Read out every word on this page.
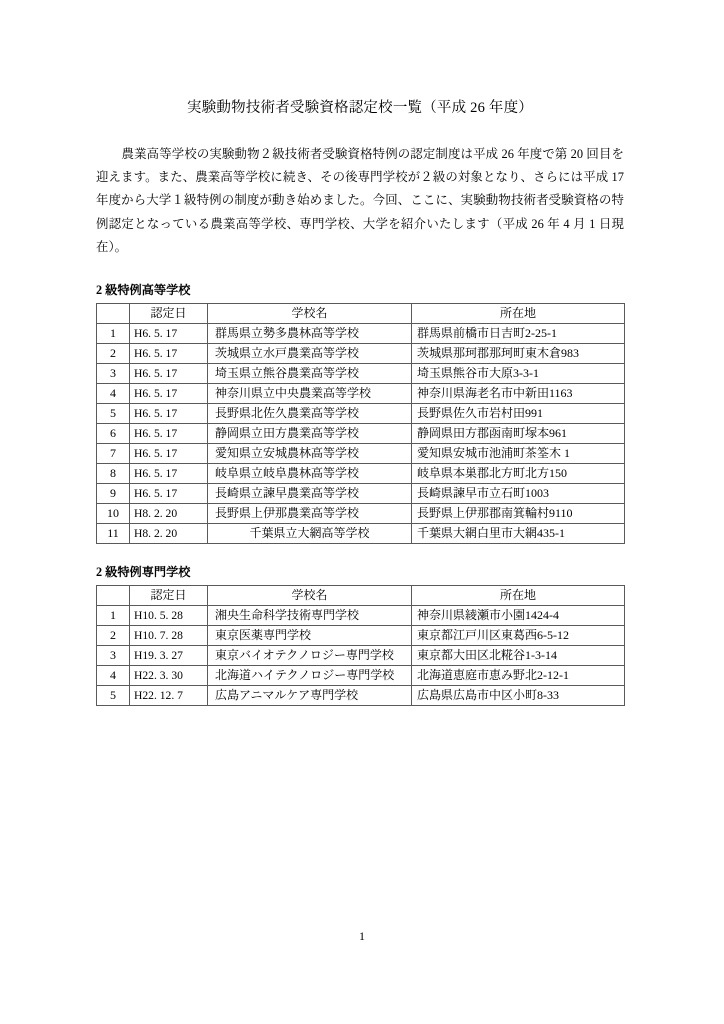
実験動物技術者受験資格認定校一覧（平成 26 年度）

　農業高等学校の実験動物２級技術者受験資格特例の認定制度は平成 26 年度で第 20 回目を迎えます。また、農業高等学校に続き、その後専門学校が２級の対象となり、さらには平成 17 年度から大学１級特例の制度が動き始めました。今回、ここに、実験動物技術者受験資格の特例認定となっている農業高等学校、専門学校、大学を紹介いたします（平成 26 年 4 月 1 日現在）。

2 級特例高等学校
	認定日	学校名	所在地
1	H6. 5. 17	群馬県立勢多農林高等学校	群馬県前橋市日吉町2-25-1
2	H6. 5. 17	茨城県立水戸農業高等学校	茨城県那珂郡那珂町東木倉983
3	H6. 5. 17	埼玉県立熊谷農業高等学校	埼玉県熊谷市大原3-3-1
4	H6. 5. 17	神奈川県立中央農業高等学校	神奈川県海老名市中新田1163
5	H6. 5. 17	長野県北佐久農業高等学校	長野県佐久市岩村田991
6	H6. 5. 17	静岡県立田方農業高等学校	静岡県田方郡函南町塚本961
7	H6. 5. 17	愛知県立安城農林高等学校	愛知県安城市池浦町茶筌木 1
8	H6. 5. 17	岐阜県立岐阜農林高等学校	岐阜県本巣郡北方町北方150
9	H6. 5. 17	長崎県立諫早農業高等学校	長崎県諫早市立石町1003
10	H8. 2. 20	長野県上伊那農業高等学校	長野県上伊那郡南箕輪村9110
11	H8. 2. 20	千葉県立大網高等学校	千葉県大網白里市大網435-1
2 級特例専門学校
	認定日	学校名	所在地
1	H10. 5. 28	湘央生命科学技術専門学校	神奈川県綾瀬市小園1424-4
2	H10. 7. 28	東京医薬専門学校	東京都江戸川区東葛西6-5-12
3	H19. 3. 27	東京バイオテクノロジー専門学校	東京都大田区北糀谷1-3-14
4	H22. 3. 30	北海道ハイテクノロジー専門学校	北海道恵庭市恵み野北2-12-1
5	H22. 12. 7	広島アニマルケア専門学校	広島県広島市中区小町8-33
1
